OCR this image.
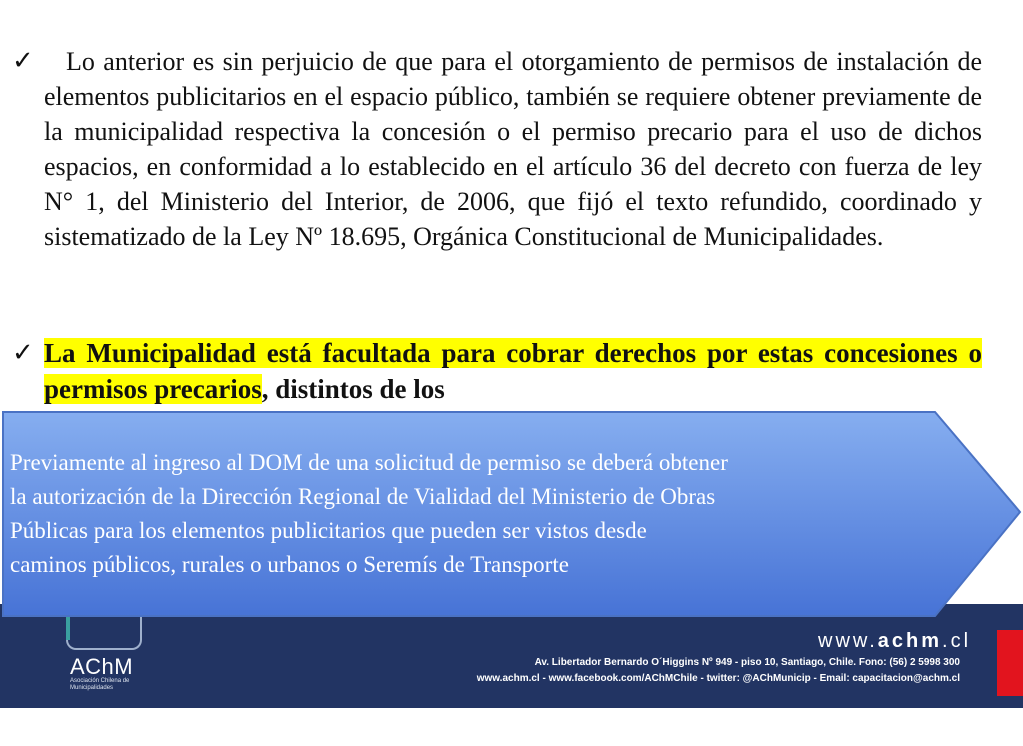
✓ Lo anterior es sin perjuicio de que para el otorgamiento de permisos de instalación de elementos publicitarios en el espacio público, también se requiere obtener previamente de la municipalidad respectiva la concesión o el permiso precario para el uso de dichos espacios, en conformidad a lo establecido en el artículo 36 del decreto con fuerza de ley N° 1, del Ministerio del Interior, de 2006, que fijó el texto refundido, coordinado y sistematizado de la Ley Nº 18.695, Orgánica Constitucional de Municipalidades.
✓ La Municipalidad está facultada para cobrar derechos por estas concesiones o permisos precarios, distintos de los
AChM
Asociación Chilena de Municipalidades
www.achm.cl
Av. Libertador Bernardo O´Higgins Nº 949 - piso 10, Santiago, Chile. Fono: (56) 2 5998 300
www.achm.cl - www.facebook.com/AChMChile - twitter: @AChMunicip - Email: capacitacion@achm.cl
Previamente al ingreso al DOM de una solicitud de permiso se deberá obtener
la autorización de la Dirección Regional de Vialidad del Ministerio de Obras
Públicas para los elementos publicitarios que pueden ser vistos desde
caminos públicos, rurales o urbanos o Seremís de Transporte
